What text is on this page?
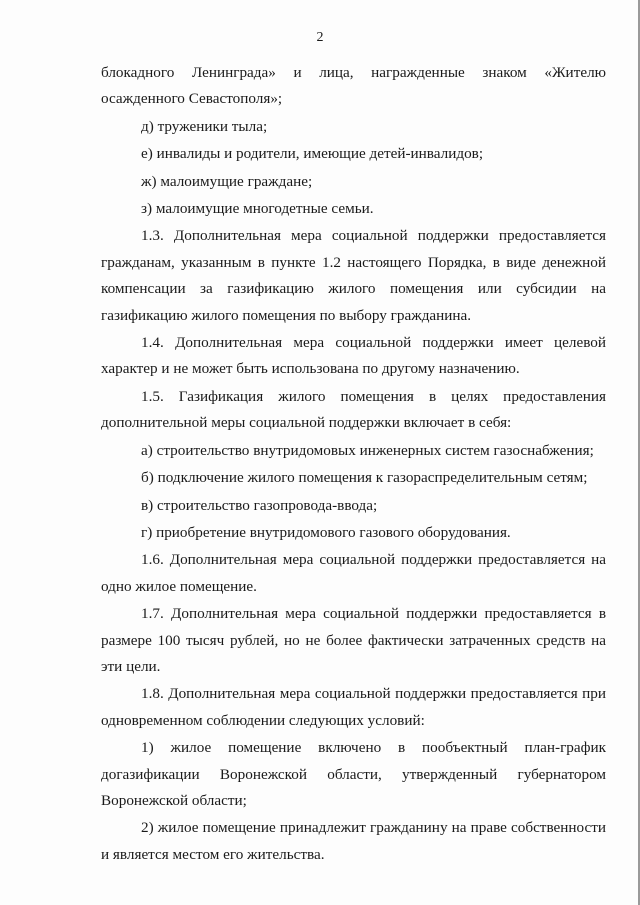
2

блокадного Ленинграда» и лица, награжденные знаком «Жителю

осажденного Севастополя»;

д) труженики тыла;

е) инвалиды и родители, имеющие детей-инвалидов;

ж) малоимущие граждане;

з) малоимущие многодетные семьи.

1.3. Дополнительная мера социальной поддержки предоставляется гражданам, указанным в пункте 1.2 настоящего Порядка, в виде денежной компенсации за газификацию жилого помещения или субсидии на газификацию жилого помещения по выбору гражданина.

1.4. Дополнительная мера социальной поддержки имеет целевой характер и не может быть использована по другому назначению.

1.5. Газификация жилого помещения в целях предоставления дополнительной меры социальной поддержки включает в себя:

а) строительство внутридомовых инженерных систем газоснабжения;

б) подключение жилого помещения к газораспределительным сетям;

в) строительство газопровода-ввода;

г) приобретение внутридомового газового оборудования.

1.6. Дополнительная мера социальной поддержки предоставляется на одно жилое помещение.

1.7. Дополнительная мера социальной поддержки предоставляется в размере 100 тысяч рублей, но не более фактически затраченных средств на эти цели.

1.8. Дополнительная мера социальной поддержки предоставляется при одновременном соблюдении следующих условий:

1) жилое помещение включено в пообъектный план-график догазификации Воронежской области, утвержденный губернатором Воронежской области;

2) жилое помещение принадлежит гражданину на праве собственности и является местом его жительства.
